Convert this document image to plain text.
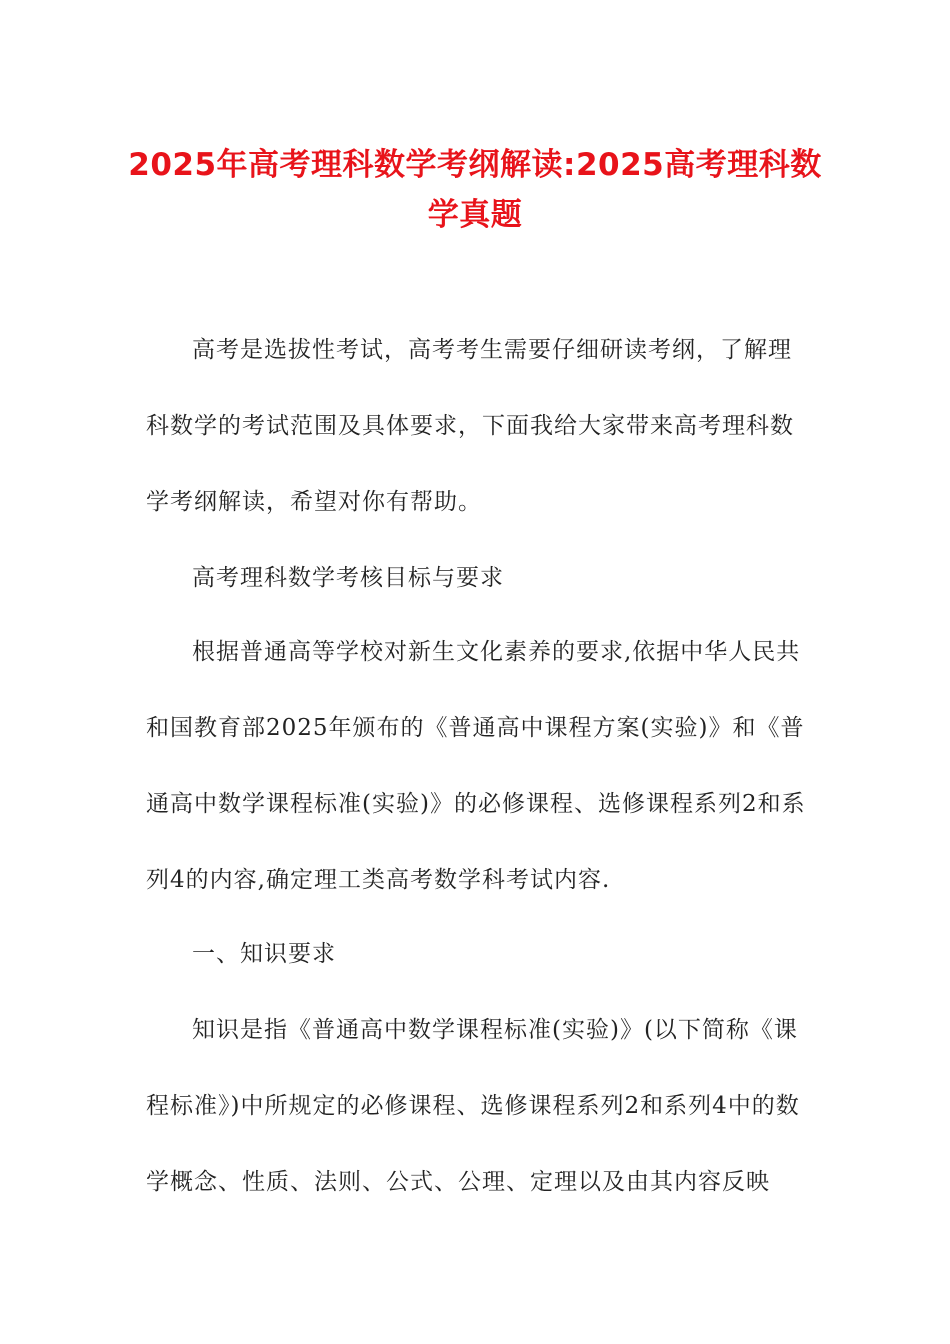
2025年高考理科数学考纲解读:2025高考理科数学真题

高考是选拔性考试，高考考生需要仔细研读考纲，了解理科数学的考试范围及具体要求，下面我给大家带来高考理科数学考纲解读，希望对你有帮助。

高考理科数学考核目标与要求

根据普通高等学校对新生文化素养的要求,依据中华人民共和国教育部2025年颁布的《普通高中课程方案(实验)》和《普通高中数学课程标准(实验)》的必修课程、选修课程系列2和系列4的内容,确定理工类高考数学科考试内容.

一、知识要求

知识是指《普通高中数学课程标准(实验)》(以下简称《课程标准》)中所规定的必修课程、选修课程系列2和系列4中的数学概念、性质、法则、公式、公理、定理以及由其内容反映
